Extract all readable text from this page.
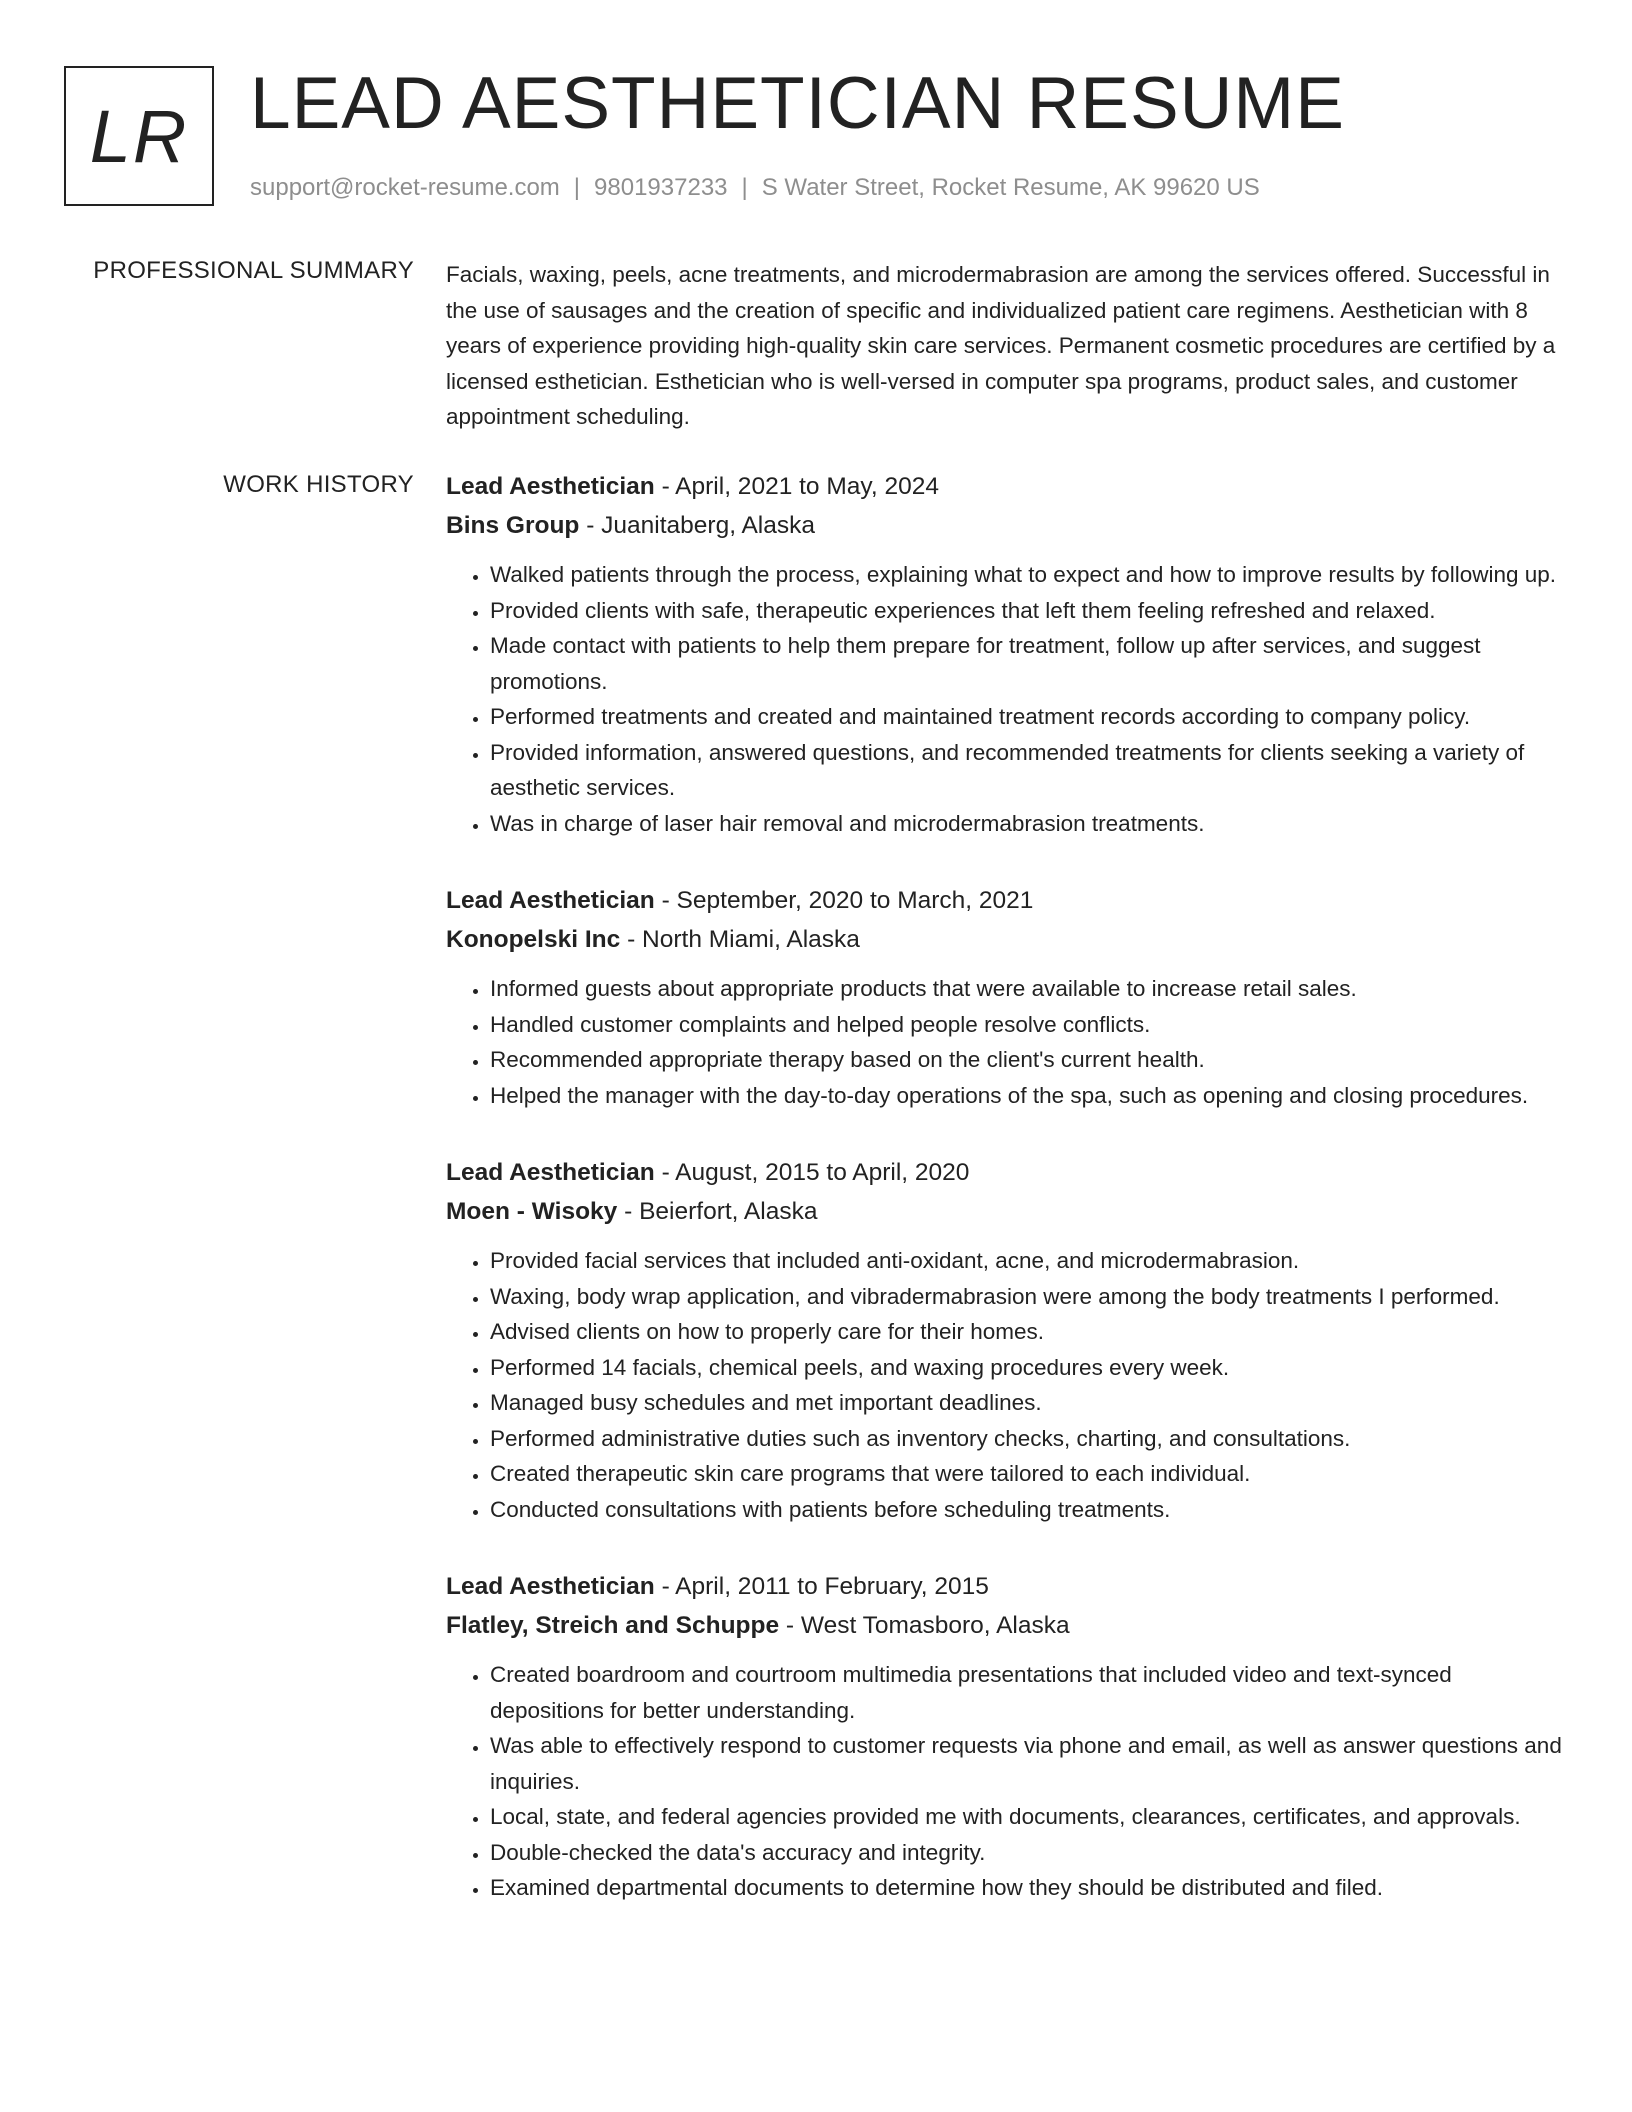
LR LEAD AESTHETICIAN RESUME
support@rocket-resume.com | 9801937233 | S Water Street, Rocket Resume, AK 99620 US
PROFESSIONAL SUMMARY Facials, waxing, peels, acne treatments, and microdermabrasion are among the services offered. Successful in the use of sausages and the creation of specific and individualized patient care regimens. Aesthetician with 8 years of experience providing high-quality skin care services. Permanent cosmetic procedures are certified by a licensed esthetician. Esthetician who is well-versed in computer spa programs, product sales, and customer appointment scheduling.

WORK HISTORY Lead Aesthetician - April, 2021 to May, 2024
Bins Group - Juanitaberg, Alaska
• Walked patients through the process, explaining what to expect and how to improve results by following up.
• Provided clients with safe, therapeutic experiences that left them feeling refreshed and relaxed.
• Made contact with patients to help them prepare for treatment, follow up after services, and suggest promotions.
• Performed treatments and created and maintained treatment records according to company policy.
• Provided information, answered questions, and recommended treatments for clients seeking a variety of aesthetic services.
• Was in charge of laser hair removal and microdermabrasion treatments.
Lead Aesthetician - September, 2020 to March, 2021
Konopelski Inc - North Miami, Alaska
• Informed guests about appropriate products that were available to increase retail sales.
• Handled customer complaints and helped people resolve conflicts.
• Recommended appropriate therapy based on the client's current health.
• Helped the manager with the day-to-day operations of the spa, such as opening and closing procedures.
Lead Aesthetician - August, 2015 to April, 2020
Moen - Wisoky - Beierfort, Alaska
• Provided facial services that included anti-oxidant, acne, and microdermabrasion.
• Waxing, body wrap application, and vibradermabrasion were among the body treatments I performed.
• Advised clients on how to properly care for their homes.
• Performed 14 facials, chemical peels, and waxing procedures every week.
• Managed busy schedules and met important deadlines.
• Performed administrative duties such as inventory checks, charting, and consultations.
• Created therapeutic skin care programs that were tailored to each individual.
• Conducted consultations with patients before scheduling treatments.
Lead Aesthetician - April, 2011 to February, 2015
Flatley, Streich and Schuppe - West Tomasboro, Alaska
• Created boardroom and courtroom multimedia presentations that included video and text-synced depositions for better understanding.
• Was able to effectively respond to customer requests via phone and email, as well as answer questions and inquiries.
• Local, state, and federal agencies provided me with documents, clearances, certificates, and approvals.
• Double-checked the data's accuracy and integrity.
• Examined departmental documents to determine how they should be distributed and filed.
